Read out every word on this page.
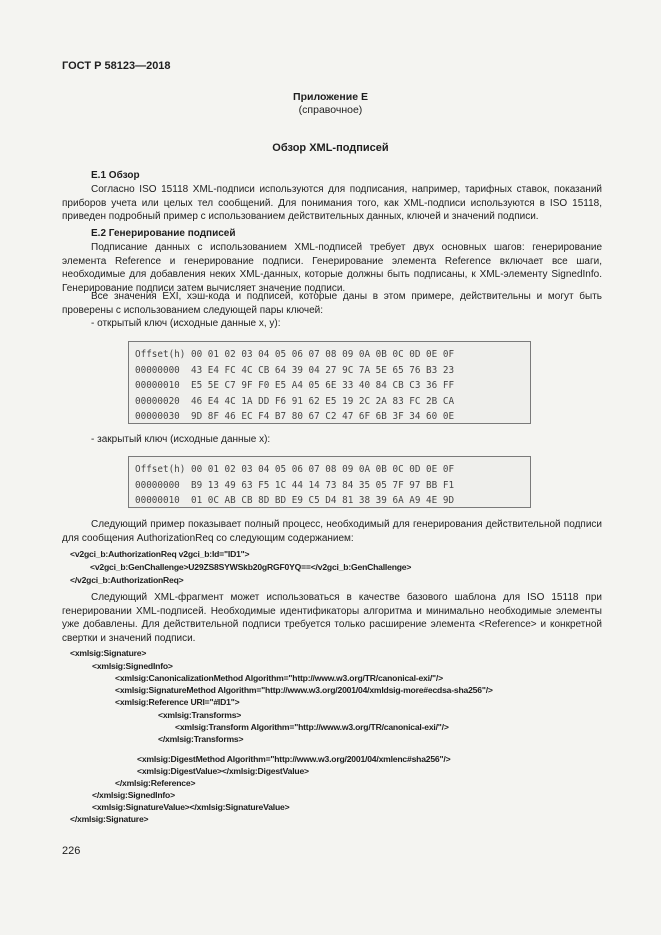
ГОСТ Р 58123—2018
Приложение Е
(справочное)
Обзор XML-подписей
Е.1 Обзор
Согласно ISO 15118 XML-подписи используются для подписания, например, тарифных ставок, показаний приборов учета или целых тел сообщений. Для понимания того, как XML-подписи используются в ISO 15118, приведен подробный пример с использованием действительных данных, ключей и значений подписи.
Е.2 Генерирование подписей
Подписание данных с использованием XML-подписей требует двух основных шагов: генерирование элемента Reference и генерирование подписи. Генерирование элемента Reference включает все шаги, необходимые для добавления неких XML-данных, которые должны быть подписаны, к XML-элементу SignedInfo. Генерирование подписи затем вычисляет значение подписи.
Все значения EXI, хэш-кода и подписей, которые даны в этом примере, действительны и могут быть проверены с использованием следующей пары ключей:
- открытый ключ (исходные данные x, y):
Offset(h) 00 01 02 03 04 05 06 07 08 09 0A 0B 0C 0D 0E 0F
00000000  43 E4 FC 4C CB 64 39 04 27 9C 7A 5E 65 76 B3 23
00000010  E5 5E C7 9F F0 E5 A4 05 6E 33 40 84 CB C3 36 FF
00000020  46 E4 4C 1A DD F6 91 62 E5 19 2C 2A 83 FC 2B CA
00000030  9D 8F 46 EC F4 B7 80 67 C2 47 6F 6B 3F 34 60 0E
- закрытый ключ (исходные данные x):
Offset(h) 00 01 02 03 04 05 06 07 08 09 0A 0B 0C 0D 0E 0F
00000000  B9 13 49 63 F5 1C 44 14 73 84 35 05 7F 97 BB F1
00000010  01 0C AB CB 8D BD E9 C5 D4 81 38 39 6A A9 4E 9D
Следующий пример показывает полный процесс, необходимый для генерирования действительной подписи для сообщения AuthorizationReq со следующим содержанием:
<v2gci_b:AuthorizationReq v2gci_b:Id="ID1">
<v2gci_b:GenChallenge>U29ZS8SYWSkb20gRGF0YQ==</v2gci_b:GenChallenge>
</v2gci_b:AuthorizationReq>
Следующий XML-фрагмент может использоваться в качестве базового шаблона для ISO 15118 при генерировании XML-подписей. Необходимые идентификаторы алгоритма и минимально необходимые элементы уже добавлены. Для действительной подписи требуется только расширение элемента <Reference> и конкретной свертки и значений подписи.
<xmlsig:Signature>
<xmlsig:SignedInfo>
<xmlsig:CanonicalizationMethod Algorithm="http://www.w3.org/TR/canonical-exi/"/>
<xmlsig:SignatureMethod Algorithm="http://www.w3.org/2001/04/xmldsig-more#ecdsa-sha256"/>
<xmlsig:Reference URI="#ID1">
<xmlsig:Transforms>
<xmlsig:Transform Algorithm="http://www.w3.org/TR/canonical-exi/"/>
</xmlsig:Transforms>
<xmlsig:DigestMethod Algorithm="http://www.w3.org/2001/04/xmlenc#sha256"/>
<xmlsig:DigestValue></xmlsig:DigestValue>
</xmlsig:Reference>
</xmlsig:SignedInfo>
<xmlsig:SignatureValue></xmlsig:SignatureValue>
</xmlsig:Signature>
226
